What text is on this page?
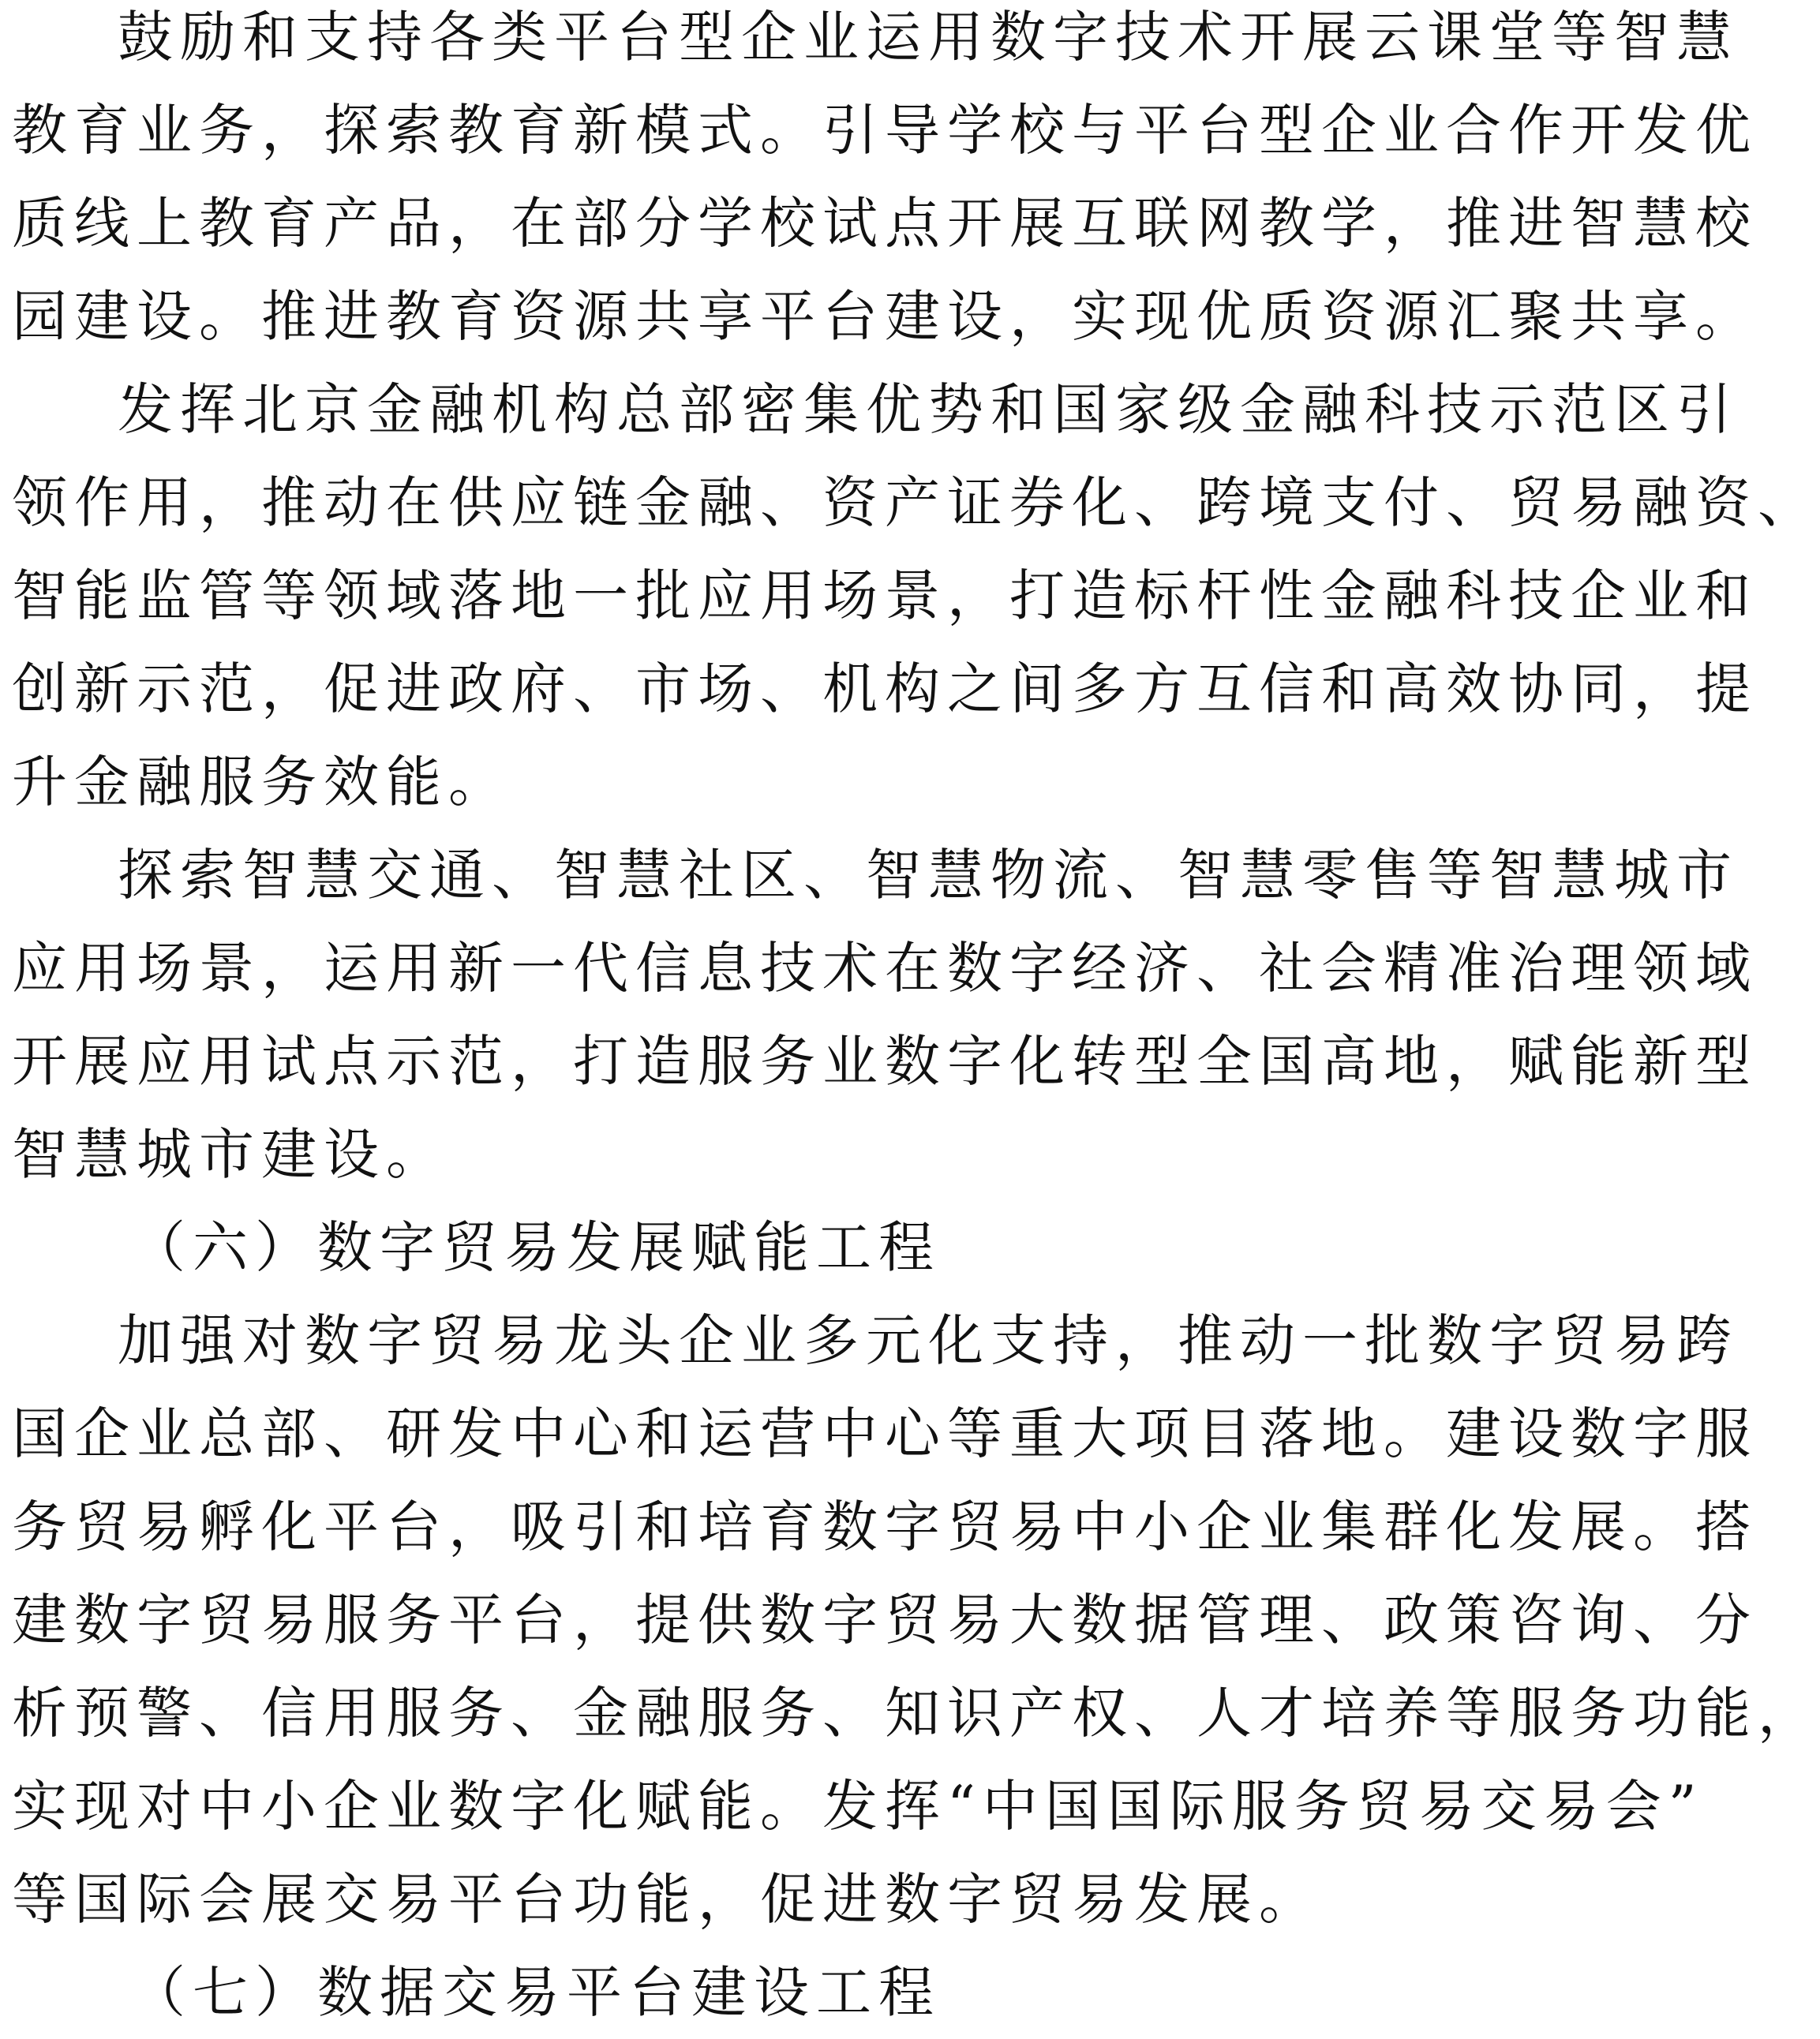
鼓励和支持各类平台型企业运用数字技术开展云课堂等智慧
教育业务，探索教育新模式。引导学校与平台型企业合作开发优
质线上教育产品，在部分学校试点开展互联网教学，推进智慧校
园建设。推进教育资源共享平台建设，实现优质资源汇聚共享。
发挥北京金融机构总部密集优势和国家级金融科技示范区引
领作用，推动在供应链金融、资产证券化、跨境支付、贸易融资、
智能监管等领域落地一批应用场景，打造标杆性金融科技企业和
创新示范，促进政府、市场、机构之间多方互信和高效协同，提
升金融服务效能。
探索智慧交通、智慧社区、智慧物流、智慧零售等智慧城市
应用场景，运用新一代信息技术在数字经济、社会精准治理领域
开展应用试点示范，打造服务业数字化转型全国高地，赋能新型
智慧城市建设。
（六）数字贸易发展赋能工程
加强对数字贸易龙头企业多元化支持，推动一批数字贸易跨
国企业总部、研发中心和运营中心等重大项目落地。建设数字服
务贸易孵化平台，吸引和培育数字贸易中小企业集群化发展。搭
建数字贸易服务平台，提供数字贸易大数据管理、政策咨询、分
析预警、信用服务、金融服务、知识产权、人才培养等服务功能，
实现对中小企业数字化赋能。发挥“中国国际服务贸易交易会”
等国际会展交易平台功能，促进数字贸易发展。
（七）数据交易平台建设工程
